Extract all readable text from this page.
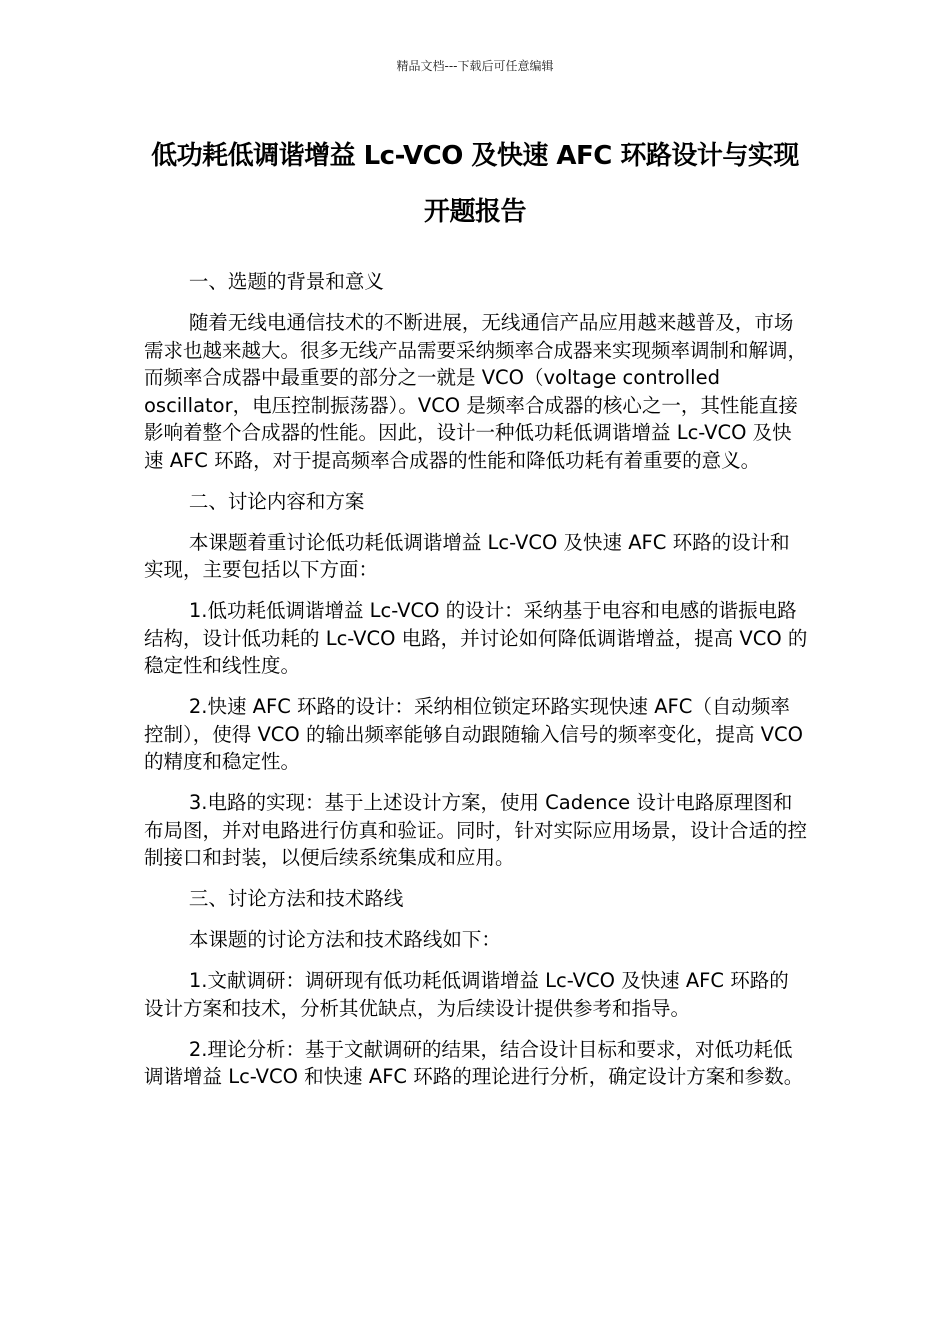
精品文档---下载后可任意编辑
低功耗低调谐增益 Lc-VCO 及快速 AFC 环路设计与实现开题报告

一、选题的背景和意义

随着无线电通信技术的不断进展，无线通信产品应用越来越普及，市场需求也越来越大。很多无线产品需要采纳频率合成器来实现频率调制和解调，而频率合成器中最重要的部分之一就是 VCO（voltage controlled oscillator，电压控制振荡器）。VCO 是频率合成器的核心之一，其性能直接影响着整个合成器的性能。因此，设计一种低功耗低调谐增益 Lc-VCO 及快速 AFC 环路，对于提高频率合成器的性能和降低功耗有着重要的意义。

二、讨论内容和方案

本课题着重讨论低功耗低调谐增益 Lc-VCO 及快速 AFC 环路的设计和实现，主要包括以下方面：

1.低功耗低调谐增益 Lc-VCO 的设计：采纳基于电容和电感的谐振电路结构，设计低功耗的 Lc-VCO 电路，并讨论如何降低调谐增益，提高 VCO 的稳定性和线性度。

2.快速 AFC 环路的设计：采纳相位锁定环路实现快速 AFC（自动频率控制），使得 VCO 的输出频率能够自动跟随输入信号的频率变化，提高 VCO 的精度和稳定性。

3.电路的实现：基于上述设计方案，使用 Cadence 设计电路原理图和布局图，并对电路进行仿真和验证。同时，针对实际应用场景，设计合适的控制接口和封装，以便后续系统集成和应用。

三、讨论方法和技术路线

本课题的讨论方法和技术路线如下：

1.文献调研：调研现有低功耗低调谐增益 Lc-VCO 及快速 AFC 环路的设计方案和技术，分析其优缺点，为后续设计提供参考和指导。

2.理论分析：基于文献调研的结果，结合设计目标和要求，对低功耗低调谐增益 Lc-VCO 和快速 AFC 环路的理论进行分析，确定设计方案和参数。
